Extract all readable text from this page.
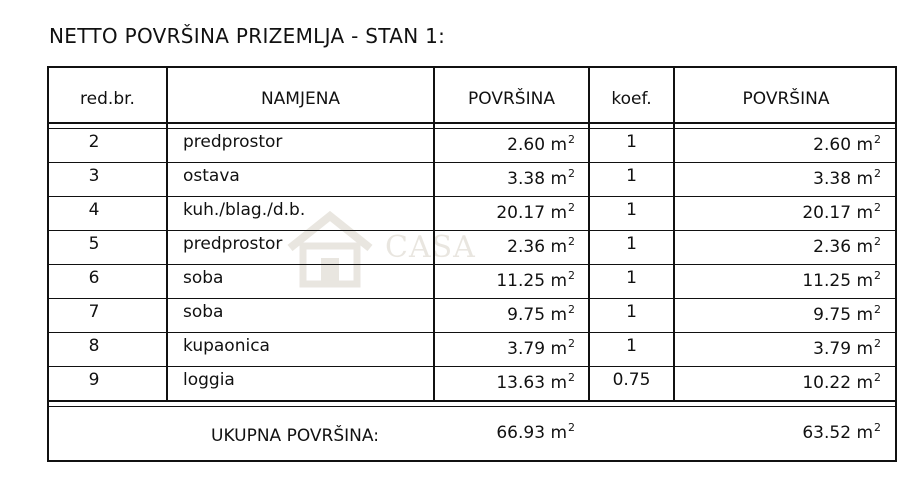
NETTO POVRŠINA PRIZEMLJA - STAN 1:
CASA
red.br.	NAMJENA	POVRŠINA	koef.	POVRŠINA
2	predprostor	2.60 $m^2$	1	2.60 $m^2$
3	ostava	3.38 $m^2$	1	3.38 $m^2$
4	kuh./blag./d.b.	20.17 $m^2$	1	20.17 $m^2$
5	predprostor	2.36 $m^2$	1	2.36 $m^2$
6	soba	11.25 $m^2$	1	11.25 $m^2$
7	soba	9.75 $m^2$	1	9.75 $m^2$
8	kupaonica	3.79 $m^2$	1	3.79 $m^2$
9	loggia	13.63 $m^2$	0.75	10.22 $m^2$
UKUPNA POVRŠINA:	66.93 $m^2$	63.52 $m^2$
